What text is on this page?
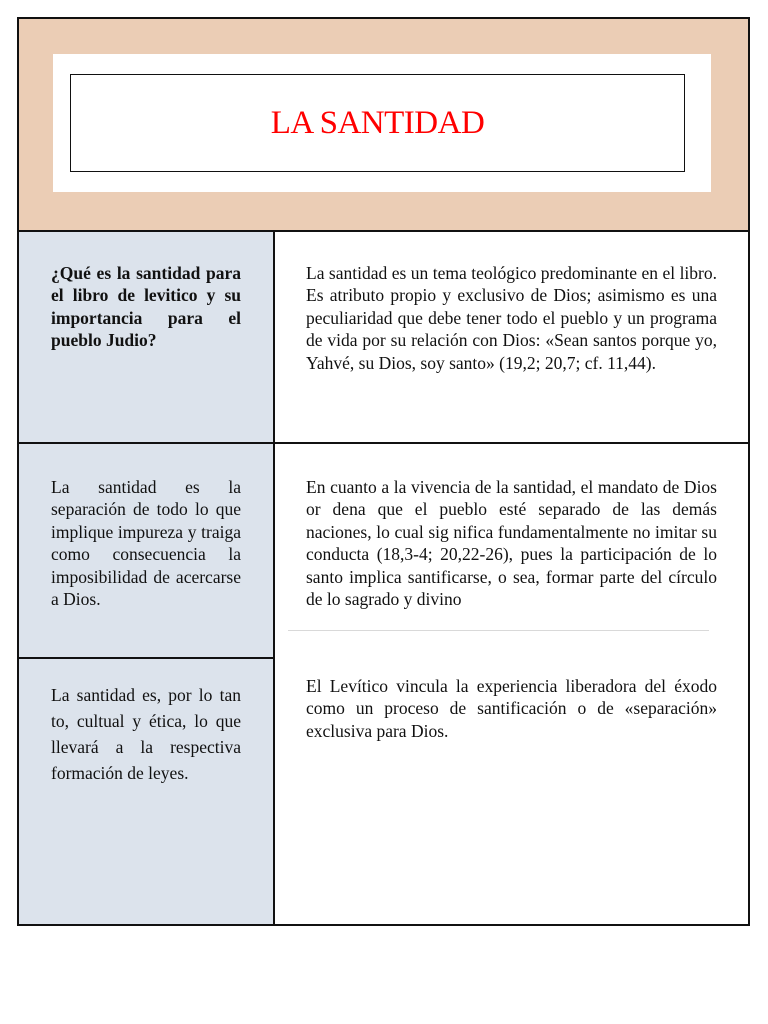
LA SANTIDAD

¿Qué es la santidad para el libro de levitico y su importancia para el pueblo Judio?

La santidad es un tema teológico predominante en el libro. Es atributo propio y exclusivo de Dios; asimismo es una peculiaridad que debe tener todo el pueblo y un programa de vida por su relación con Dios: «Sean santos porque yo, Yahvé, su Dios, soy santo» (19,2; 20,7; cf. 11,44).

La santidad es la separación de todo lo que implique impureza y traiga como consecuencia la imposibilidad de acercarse a Dios.

En cuanto a la vivencia de la santidad, el mandato de Dios or dena que el pueblo esté separado de las demás naciones, lo cual sig nifica fundamentalmente no imitar su conducta (18,3-4; 20,22-26), pues la participación de lo santo implica santificarse, o sea, formar parte del círculo de lo sagrado y divino

La santidad es, por lo tan to, cultual y ética, lo que llevará a la respectiva formación de leyes.

El Levítico vincula la experiencia liberadora del éxodo como un proceso de santificación o de «separación» exclusiva para Dios.
